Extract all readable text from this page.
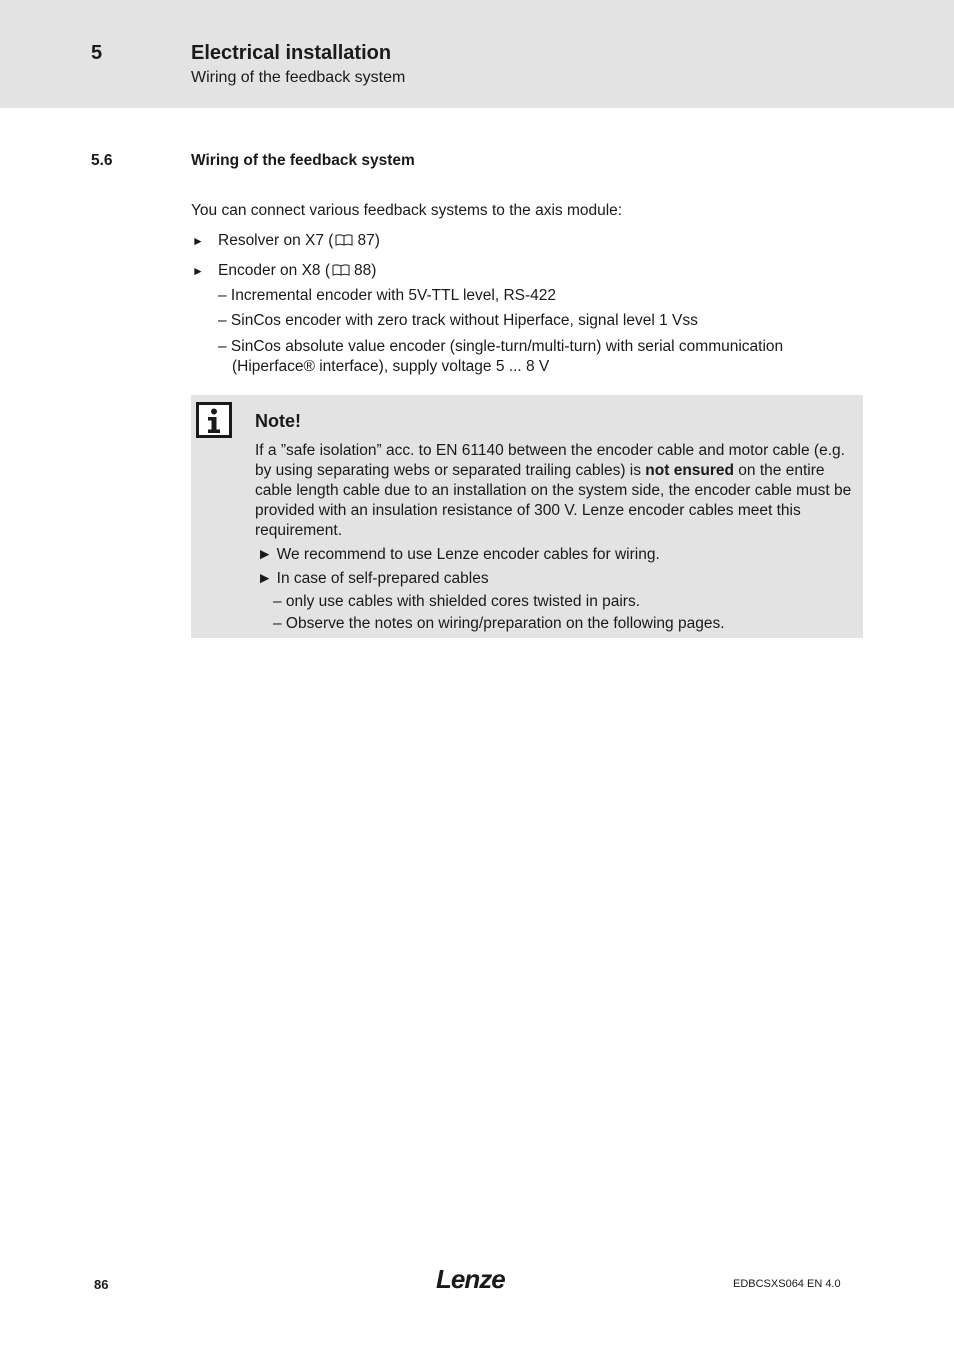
5	Electrical installation
Wiring of the feedback system
5.6	Wiring of the feedback system
You can connect various feedback systems to the axis module:
► Resolver on X7 ( 87)
► Encoder on X8 ( 88)
– Incremental encoder with 5V-TTL level, RS-422
– SinCos encoder with zero track without Hiperface, signal level 1 Vss
– SinCos absolute value encoder (single-turn/multi-turn) with serial communication
(Hiperface® interface), supply voltage 5 ... 8 V
Note!
If a ”safe isolation” acc. to EN 61140 between the encoder cable and motor cable (e.g. by using separating webs or separated trailing cables) is not ensured on the entire cable length cable due to an installation on the system side, the encoder cable must be provided with an insulation resistance of 300 V. Lenze encoder cables meet this requirement.
► We recommend to use Lenze encoder cables for wiring.
► In case of self-prepared cables
– only use cables with shielded cores twisted in pairs.
– Observe the notes on wiring/preparation on the following pages.
86	Lenze	EDBCSXS064 EN 4.0
